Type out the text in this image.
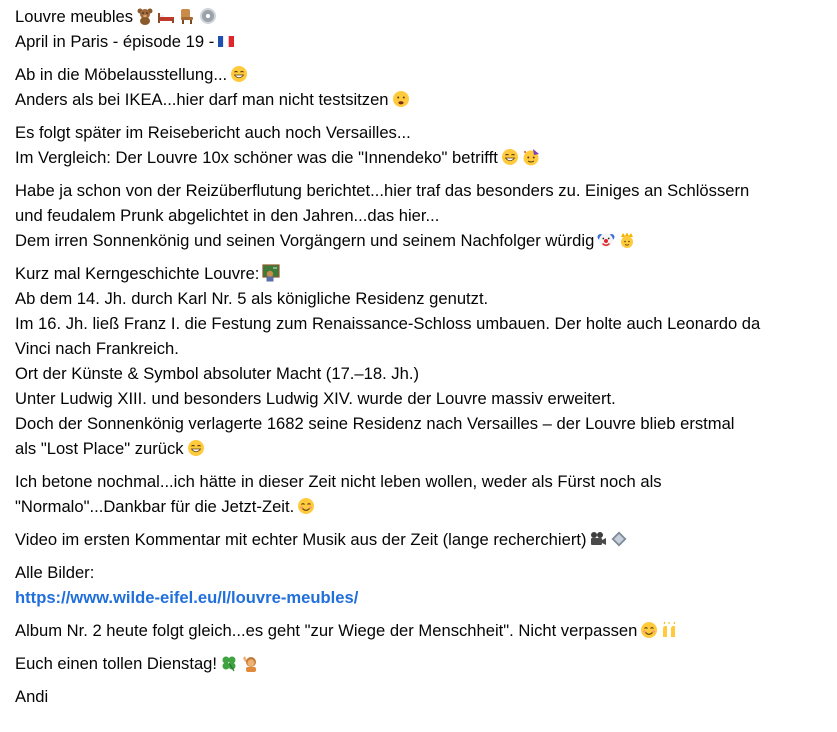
Louvre meubles
April in Paris - épisode 19 -
Ab in die Möbelausstellung...
Anders als bei IKEA...hier darf man nicht testsitzen
Es folgt später im Reisebericht auch noch Versailles...
Im Vergleich: Der Louvre 10x schöner was die "Innendeko" betrifft
Habe ja schon von der Reizüberflutung berichtet...hier traf das besonders zu. Einiges an Schlössern
und feudalem Prunk abgelichtet in den Jahren...das hier...
Dem irren Sonnenkönig und seinen Vorgängern und seinem Nachfolger würdig
Kurz mal Kerngeschichte Louvre:
Ab dem 14. Jh. durch Karl Nr. 5 als königliche Residenz genutzt.
Im 16. Jh. ließ Franz I. die Festung zum Renaissance-Schloss umbauen. Der holte auch Leonardo da
Vinci nach Frankreich.
Ort der Künste & Symbol absoluter Macht (17.–18. Jh.)
Unter Ludwig XIII. und besonders Ludwig XIV. wurde der Louvre massiv erweitert.
Doch der Sonnenkönig verlagerte 1682 seine Residenz nach Versailles – der Louvre blieb erstmal
als "Lost Place" zurück
Ich betone nochmal...ich hätte in dieser Zeit nicht leben wollen, weder als Fürst noch als
"Normalo"...Dankbar für die Jetzt-Zeit.
Video im ersten Kommentar mit echter Musik aus der Zeit (lange recherchiert)
Alle Bilder:
https://www.wilde-eifel.eu/l/louvre-meubles/
Album Nr. 2 heute folgt gleich...es geht "zur Wiege der Menschheit". Nicht verpassen
Euch einen tollen Dienstag!
Andi
